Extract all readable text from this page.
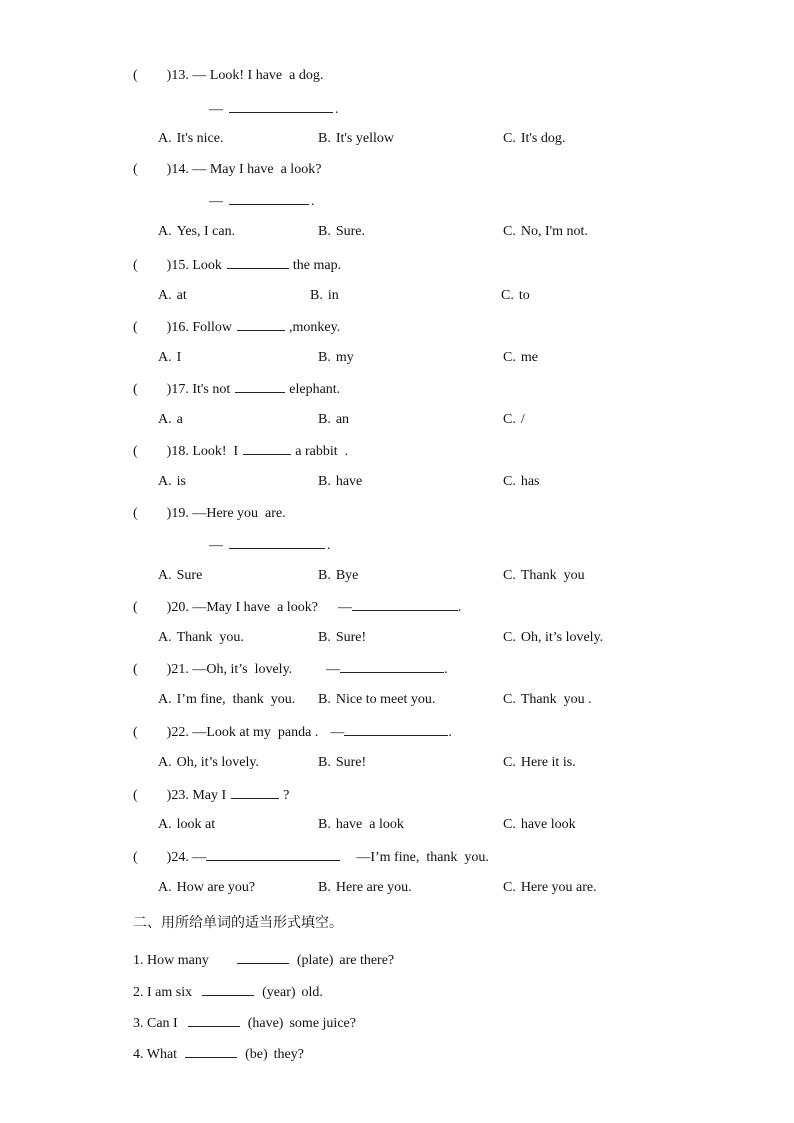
( )13. — Look! I have  a dog.
—	.
A. It's nice.	B. It's yellow	C. It's dog.
( )14. — May I have  a look?
—	.
A. Yes, I can.	B. Sure.	C. No, I'm not.
( )15. Look	the map.
A. at	B. in	C. to
( )16. Follow	,monkey.
A. I	B. my	C. me
( )17. It's not	elephant.
A. a	B. an	C. /
( )18. Look!  I	a rabbit  .
A. is	B. have	C. has
( )19. —Here you  are.
—	.
A. Sure	B. Bye	C. Thank  you
( )20. —May I have  a look? —	.
A. Thank  you.	B. Sure!	C. Oh, it’s lovely.
( )21. —Oh, it’s  lovely. —	.
A. I’m fine,  thank  you. B. Nice to meet you.	C. Thank  you .
( )22. —Look at my  panda . —	.
A. Oh, it’s lovely.	B. Sure!	C. Here it is.
( )23. May I	?
A. look at	B. have  a look	C. have look
( )24. —	—I’m fine,  thank  you.
A. How are you?	B. Here are you.	C. Here you are.
二、用所给单词的适当形式填空。
1. How many	(plate) are there?
2. I am six	(year) old.
3. Can I	(have) some juice?
4. What	(be) they?
